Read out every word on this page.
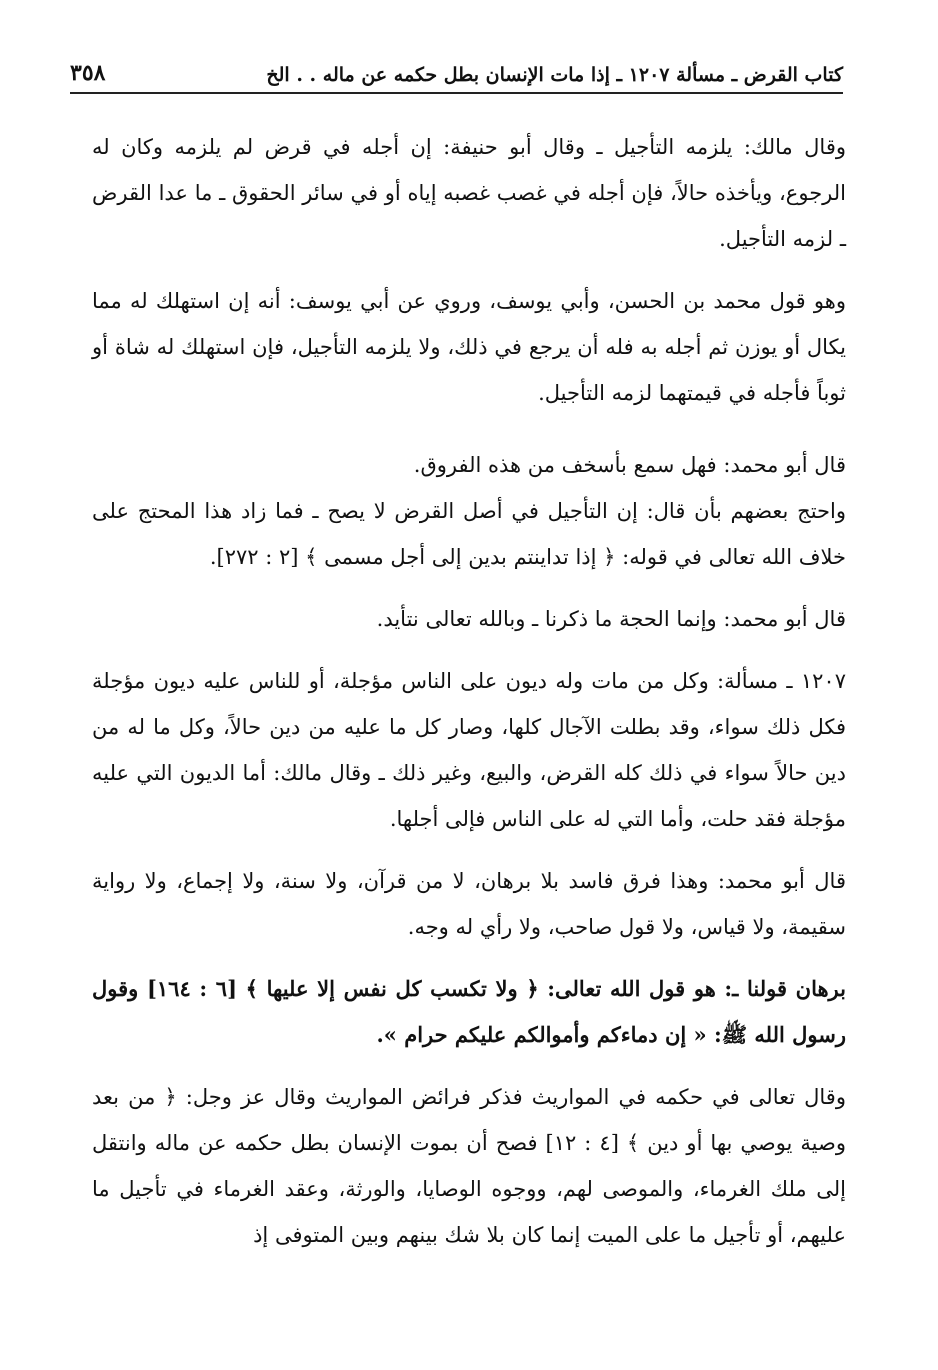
كتاب القرض ـ مسألة ١٢٠٧ ـ إذا مات الإنسان بطل حكمه عن ماله . . الخ
٣٥٨

وقال مالك: يلزمه التأجيل ـ وقال أبو حنيفة: إن أجله في قرض لم يلزمه وكان له الرجوع، ويأخذه حالاً، فإن أجله في غصب غصبه إياه أو في سائر الحقوق ـ ما عدا القرض ـ لزمه التأجيل.

وهو قول محمد بن الحسن، وأبي يوسف، وروي عن أبي يوسف: أنه إن استهلك له مما يكال أو يوزن ثم أجله به فله أن يرجع في ذلك، ولا يلزمه التأجيل، فإن استهلك له شاة أو ثوباً فأجله في قيمتهما لزمه التأجيل.

قال أبو محمد: فهل سمع بأسخف من هذه الفروق.

واحتج بعضهم بأن قال: إن التأجيل في أصل القرض لا يصح ـ فما زاد هذا المحتج على خلاف الله تعالى في قوله: ﴿ إذا تداينتم بدين إلى أجل مسمى ﴾ [٢ : ٢٧٢].

قال أبو محمد: وإنما الحجة ما ذكرنا ـ وبالله تعالى نتأيد.

١٢٠٧ ـ مسألة: وكل من مات وله ديون على الناس مؤجلة، أو للناس عليه ديون مؤجلة فكل ذلك سواء، وقد بطلت الآجال كلها، وصار كل ما عليه من دين حالاً، وكل ما له من دين حالاً سواء في ذلك كله القرض، والبيع، وغير ذلك ـ وقال مالك: أما الديون التي عليه مؤجلة فقد حلت، وأما التي له على الناس فإلى أجلها.

قال أبو محمد: وهذا فرق فاسد بلا برهان، لا من قرآن، ولا سنة، ولا إجماع، ولا رواية سقيمة، ولا قياس، ولا قول صاحب، ولا رأي له وجه.

برهان قولنا ـ: هو قول الله تعالى: ﴿ ولا تكسب كل نفس إلا عليها ﴾ [٦ : ١٦٤] وقول رسول الله ﷺ: « إن دماءكم وأموالكم عليكم حرام ».

وقال تعالى في حكمه في المواريث فذكر فرائض المواريث وقال عز وجل: ﴿ من بعد وصية يوصي بها أو دين ﴾ [٤ : ١٢] فصح أن بموت الإنسان بطل حكمه عن ماله وانتقل إلى ملك الغرماء، والموصى لهم، ووجوه الوصايا، والورثة، وعقد الغرماء في تأجيل ما عليهم، أو تأجيل ما على الميت إنما كان بلا شك بينهم وبين المتوفى إذ
